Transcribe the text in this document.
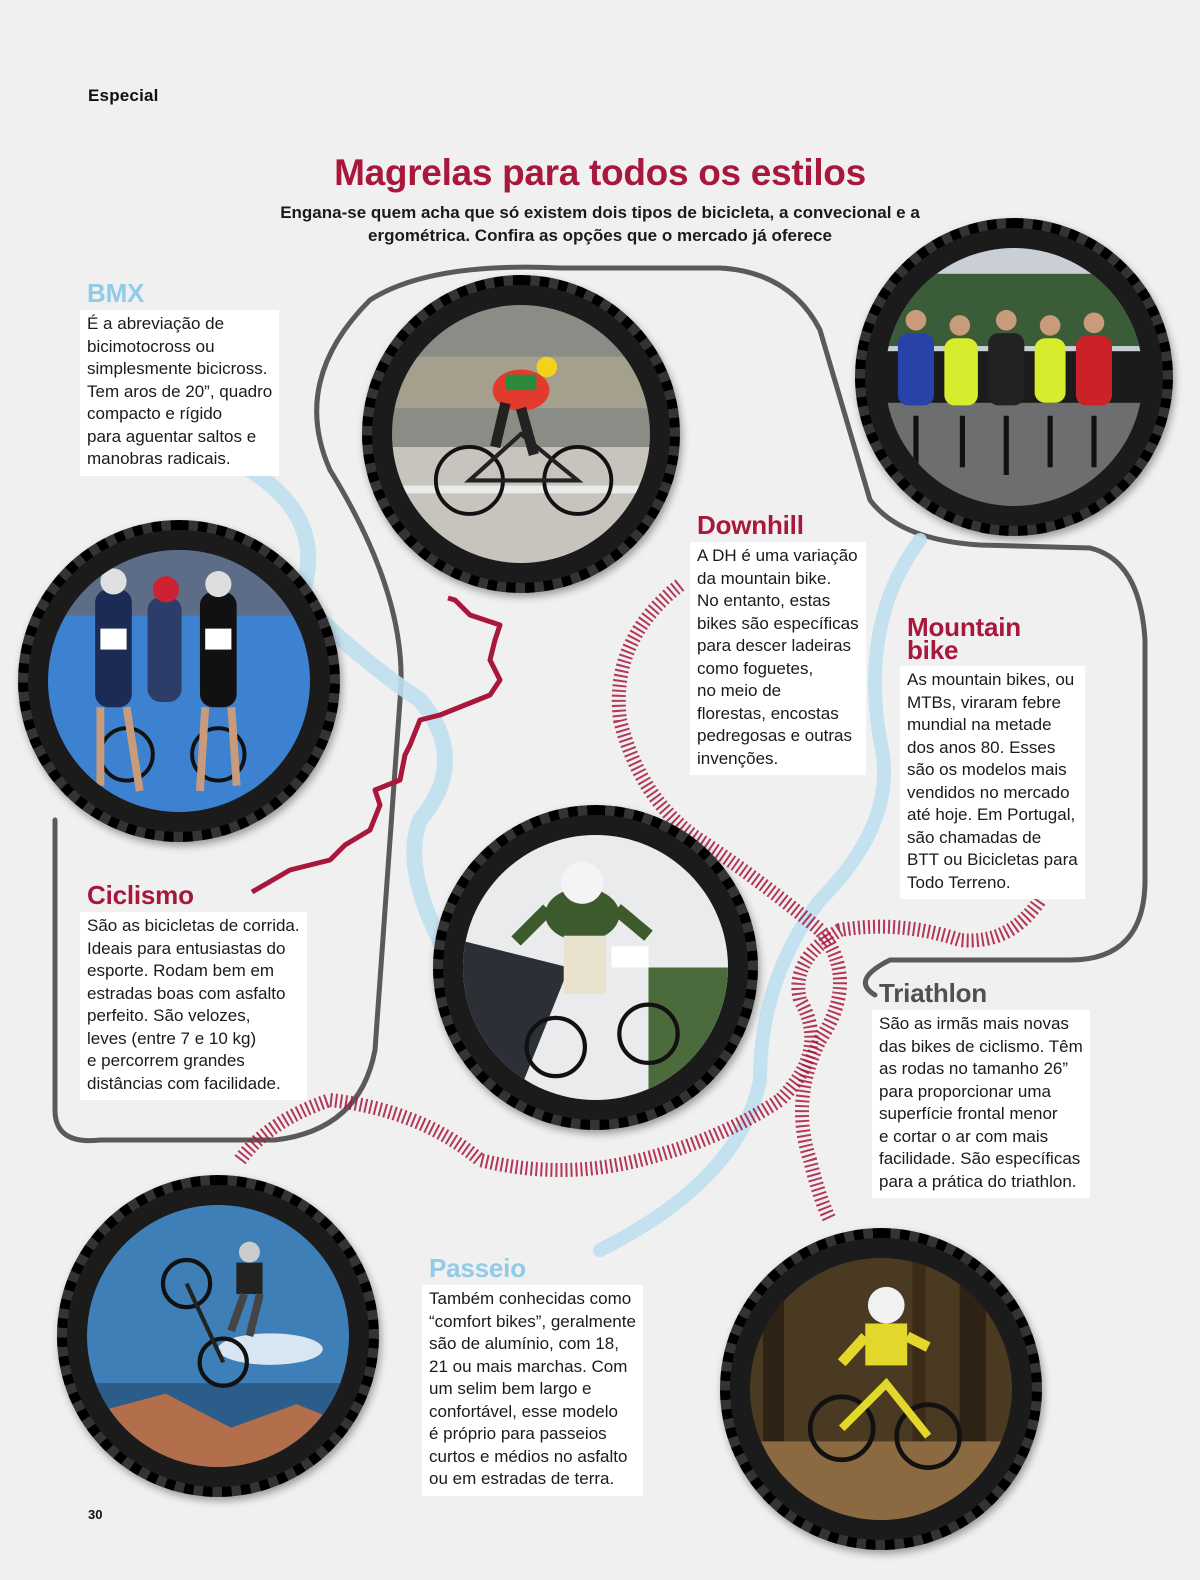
Especial
Magrelas para todos os estilos

Engana-se quem acha que só existem dois tipos de bicicleta, a convecional e a ergométrica. Confira as opções que o mercado já oferece

BMX

É a abreviação de
bicimotocross ou
simplesmente bicicross.
Tem aros de 20”, quadro
compacto e rígido
para aguentar saltos e
manobras radicais.

Downhill

A DH é uma variação
da mountain bike.
No entanto, estas
bikes são específicas
para descer ladeiras
como foguetes,
no meio de
florestas, encostas
pedregosas e outras
invenções.

Mountain
bike

As mountain bikes, ou
MTBs, viraram febre
mundial na metade
dos anos 80. Esses
são os modelos mais
vendidos no mercado
até hoje. Em Portugal,
são chamadas de
BTT ou Bicicletas para
Todo Terreno.

Ciclismo

São as bicicletas de corrida.
Ideais para entusiastas do
esporte. Rodam bem em
estradas boas com asfalto
perfeito. São velozes,
leves (entre 7 e 10 kg)
e percorrem grandes
distâncias com facilidade.

Triathlon

São as irmãs mais novas
das bikes de ciclismo. Têm
as rodas no tamanho 26”
para proporcionar uma
superfície frontal menor
e cortar o ar com mais
facilidade. São específicas
para a prática do triathlon.

Passeio

Também conhecidas como
“comfort bikes”, geralmente
são de alumínio, com 18,
21 ou mais marchas. Com
um selim bem largo e
confortável, esse modelo
é próprio para passeios
curtos e médios no asfalto
ou em estradas de terra.

30
